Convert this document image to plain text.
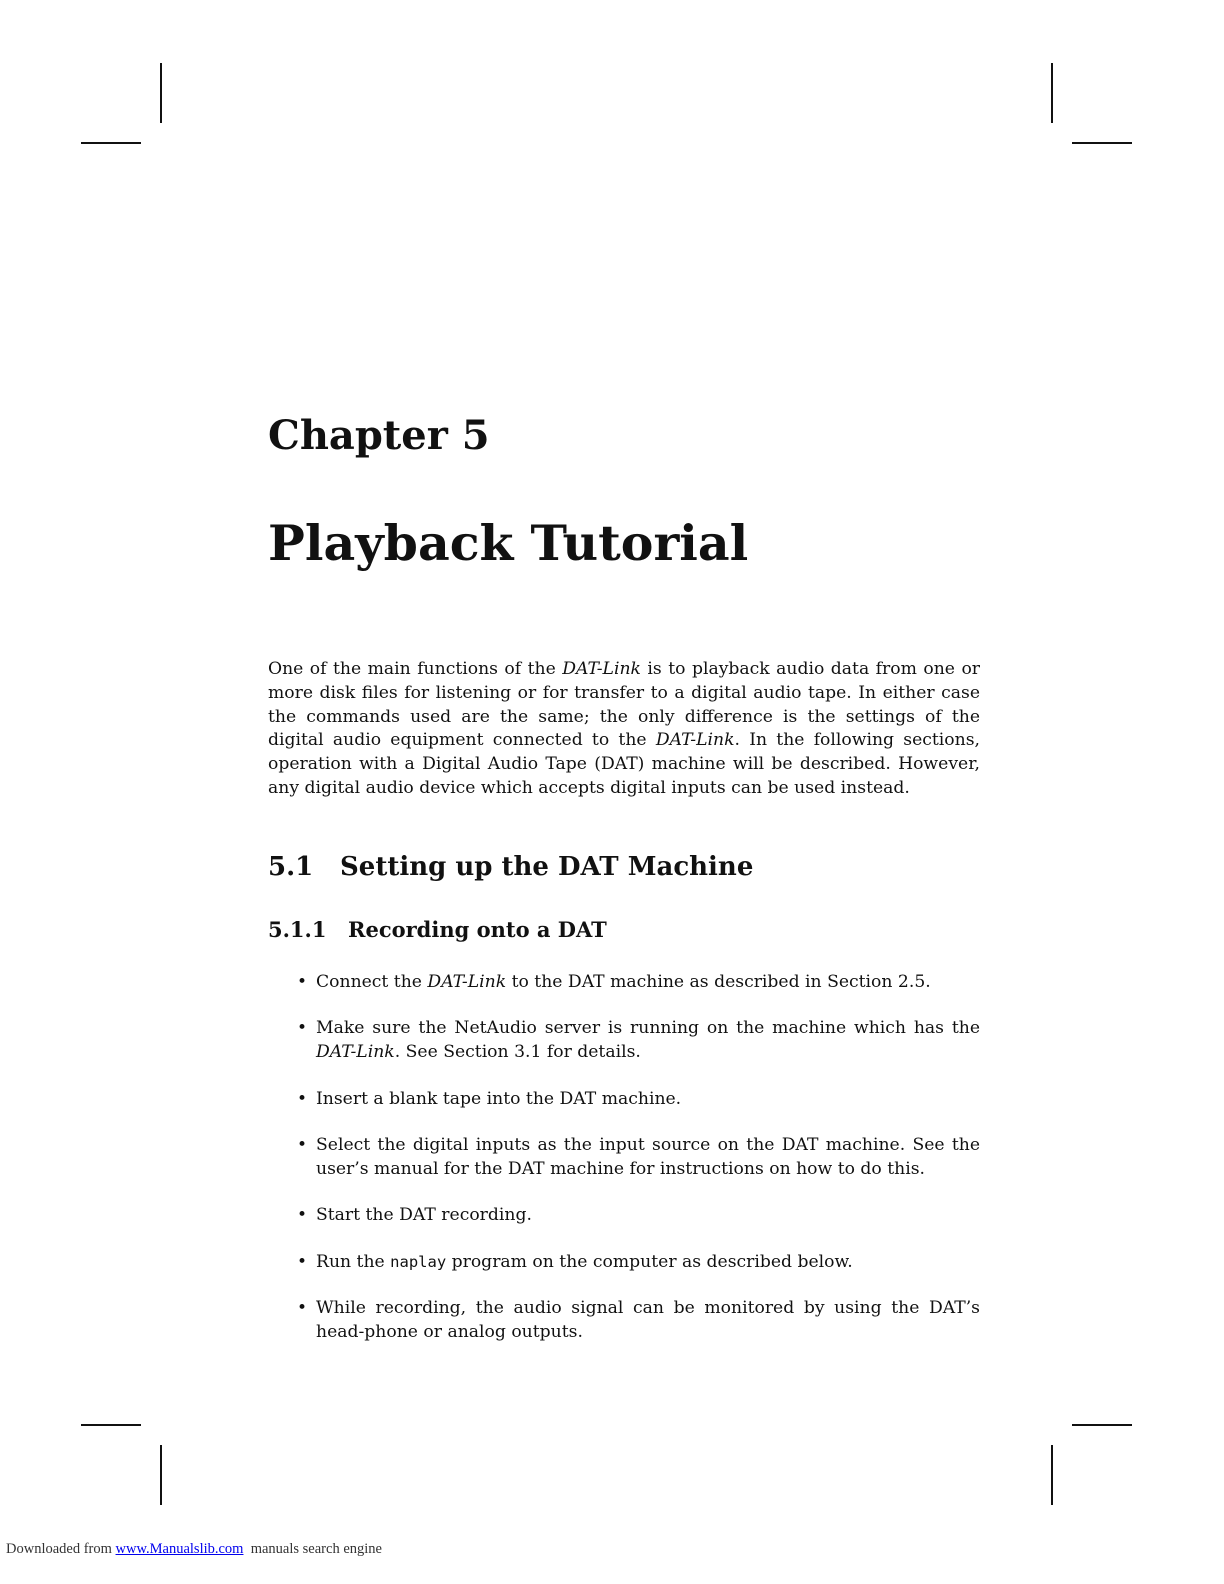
Chapter 5
Playback Tutorial

One of the main functions of the DAT-Link is to playback audio data from one or more disk files for listening or for transfer to a digital audio tape. In either case the commands used are the same; the only difference is the settings of the digital audio equipment connected to the DAT-Link. In the following sections, operation with a Digital Audio Tape (DAT) machine will be described. However, any digital audio device which accepts digital inputs can be used instead.

5.1 Setting up the DAT Machine
5.1.1 Recording onto a DAT
• Connect the DAT-Link to the DAT machine as described in Section 2.5.
• Make sure the NetAudio server is running on the machine which has the DAT-Link. See Section 3.1 for details.
• Insert a blank tape into the DAT machine.
• Select the digital inputs as the input source on the DAT machine. See the user’s manual for the DAT machine for instructions on how to do this.
• Start the DAT recording.
• Run the naplay program on the computer as described below.
• While recording, the audio signal can be monitored by using the DAT’s head-phone or analog outputs.
Downloaded from www.Manualslib.com  manuals search engine
